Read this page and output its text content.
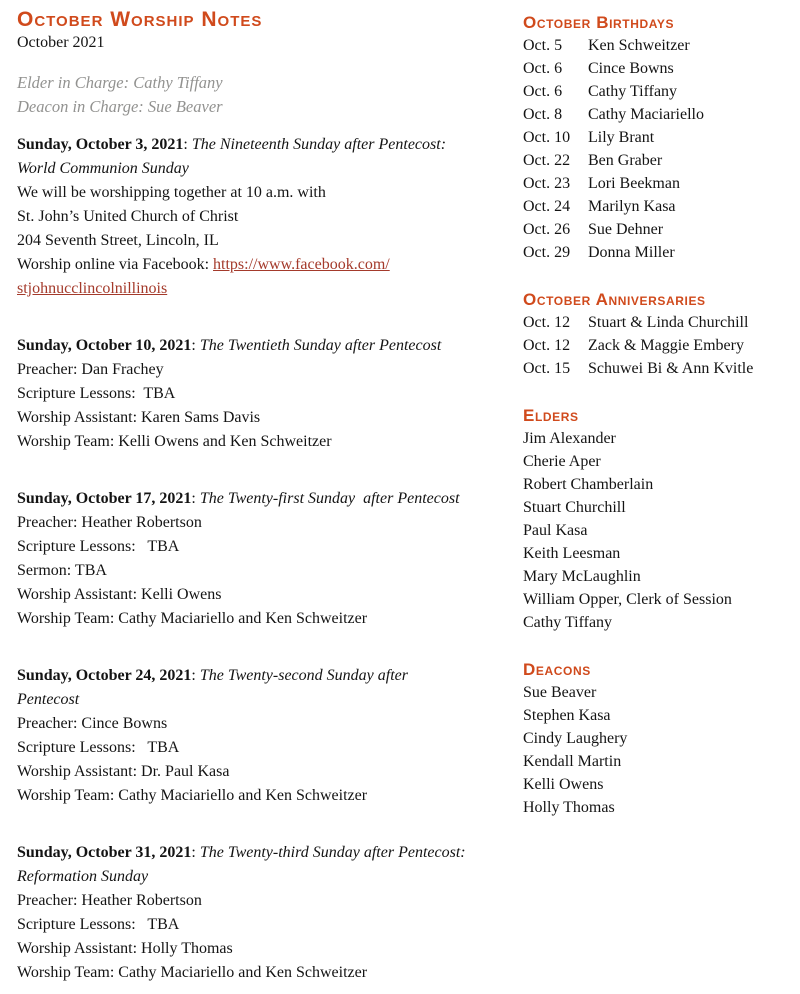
October Worship Notes
October 2021
Elder in Charge: Cathy Tiffany
Deacon in Charge: Sue Beaver
Sunday, October 3, 2021: The Nineteenth Sunday after Pentecost:
World Communion Sunday
We will be worshipping together at 10 a.m. with
St. John’s United Church of Christ
204 Seventh Street, Lincoln, IL
Worship online via Facebook: https://www.facebook.com/stjohnucclincolnillinois
Sunday, October 10, 2021: The Twentieth Sunday after Pentecost
Preacher: Dan Frachey
Scripture Lessons:  TBA
Worship Assistant: Karen Sams Davis
Worship Team: Kelli Owens and Ken Schweitzer
Sunday, October 17, 2021: The Twenty-first Sunday  after Pentecost
Preacher: Heather Robertson
Scripture Lessons:   TBA
Sermon: TBA
Worship Assistant: Kelli Owens
Worship Team: Cathy Maciariello and Ken Schweitzer
Sunday, October 24, 2021: The Twenty-second Sunday after
Pentecost
Preacher: Cince Bowns
Scripture Lessons:   TBA
Worship Assistant: Dr. Paul Kasa
Worship Team: Cathy Maciariello and Ken Schweitzer
Sunday, October 31, 2021: The Twenty-third Sunday after Pentecost:
Reformation Sunday
Preacher: Heather Robertson
Scripture Lessons:   TBA
Worship Assistant: Holly Thomas
Worship Team: Cathy Maciariello and Ken Schweitzer
October Birthdays
Oct. 5	Ken Schweitzer
Oct. 6	Cince Bowns
Oct. 6	Cathy Tiffany
Oct. 8	Cathy Maciariello
Oct. 10	Lily Brant
Oct. 22	Ben Graber
Oct. 23	Lori Beekman
Oct. 24	Marilyn Kasa
Oct. 26	Sue Dehner
Oct. 29	Donna Miller
October Anniversaries
Oct. 12	Stuart & Linda Churchill
Oct. 12	Zack & Maggie Embery
Oct. 15	Schuwei Bi & Ann Kvitle
Elders
Jim Alexander
Cherie Aper
Robert Chamberlain
Stuart Churchill
Paul Kasa
Keith Leesman
Mary McLaughlin
William Opper, Clerk of Session
Cathy Tiffany
Deacons
Sue Beaver
Stephen Kasa
Cindy Laughery
Kendall Martin
Kelli Owens
Holly Thomas
